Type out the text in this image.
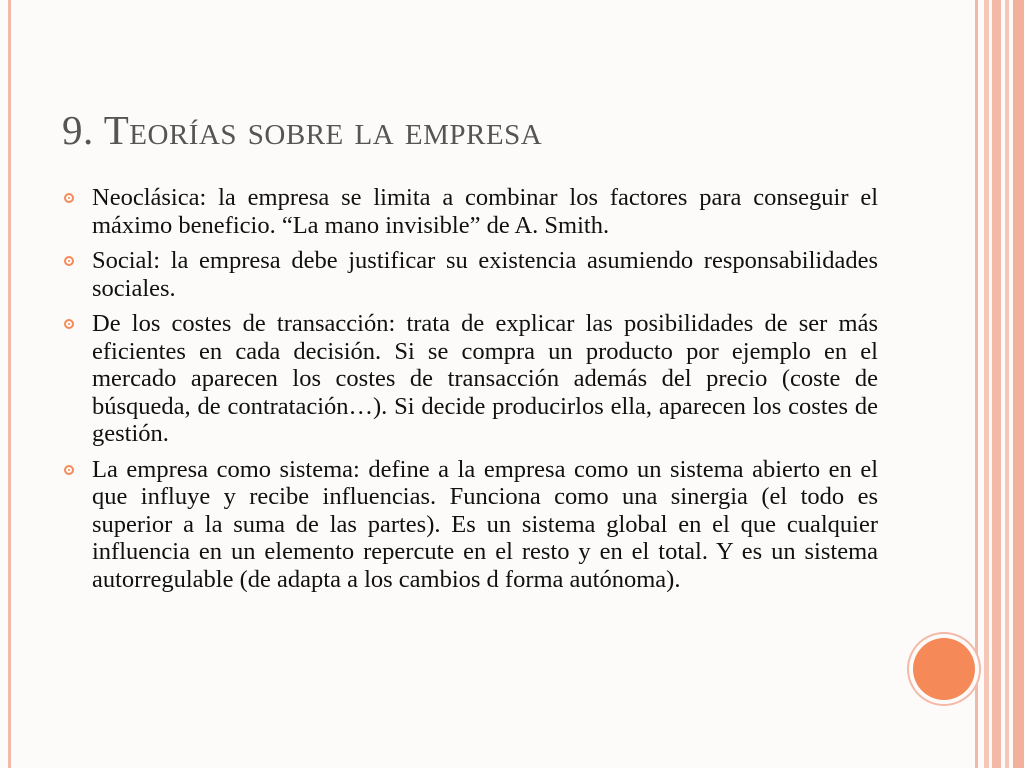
9. Teorías sobre la empresa
Neoclásica: la empresa se limita a combinar los factores para conseguir el máximo beneficio. “La mano invisible” de A. Smith.
Social: la empresa debe justificar su existencia asumiendo responsabilidades sociales.
De los costes de transacción: trata de explicar las posibilidades de ser más eficientes en cada decisión. Si se compra un producto por ejemplo en el mercado aparecen los costes de transacción además del precio (coste de búsqueda, de contratación…). Si decide producirlos ella, aparecen los costes de gestión.
La empresa como sistema: define a la empresa como un sistema abierto en el que influye y recibe influencias. Funciona como una sinergia (el todo es superior a la suma de las partes). Es un sistema global en el que cualquier influencia en un elemento repercute en el resto y en el total. Y es un sistema autorregulable (de adapta a los cambios d forma autónoma).
